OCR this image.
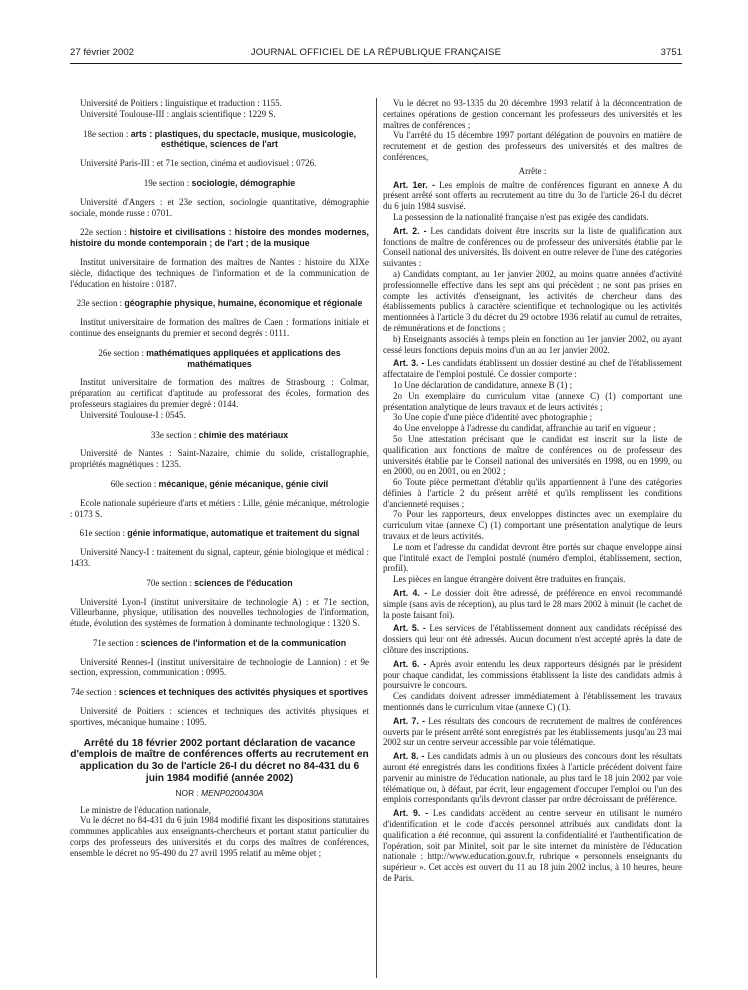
27 février 2002	JOURNAL OFFICIEL DE LA RÉPUBLIQUE FRANÇAISE	3751

Université de Poitiers : linguistique et traduction : 1155.

Université Toulouse-III : anglais scientifique : 1229 S.

18e section : arts : plastiques, du spectacle, musique, musicologie, esthétique, sciences de l'art

Université Paris-III : et 71e section, cinéma et audiovisuel : 0726.

19e section : sociologie, démographie

Université d'Angers : et 23e section, sociologie quantitative, démographie sociale, monde russe : 0701.

22e section : histoire et civilisations : histoire des mondes modernes, histoire du monde contemporain ; de l'art ; de la musique

Institut universitaire de formation des maîtres de Nantes : histoire du XIXe siècle, didactique des techniques de l'information et de la communication de l'éducation en histoire : 0187.

23e section : géographie physique, humaine, économique et régionale

Institut universitaire de formation des maîtres de Caen : formations initiale et continue des enseignants du premier et second degrés : 0111.

26e section : mathématiques appliquées et applications des mathématiques

Institut universitaire de formation des maîtres de Strasbourg : Colmar, préparation au certificat d'aptitude au professorat des écoles, formation des professeurs stagiaires du premier degré : 0144.

Université Toulouse-I : 0545.

33e section : chimie des matériaux

Université de Nantes : Saint-Nazaire, chimie du solide, cristallographie, propriétés magnétiques : 1235.

60e section : mécanique, génie mécanique, génie civil

Ecole nationale supérieure d'arts et métiers : Lille, génie mécanique, métrologie : 0173 S.

61e section : génie informatique, automatique et traitement du signal

Université Nancy-I : traitement du signal, capteur, génie biologique et médical : 1433.

70e section : sciences de l'éducation

Université Lyon-I (institut universitaire de technologie A) : et 71e section, Villeurbanne, physique, utilisation des nouvelles technologies de l'information, étude, évolution des systèmes de formation à dominante technologique : 1320 S.

71e section : sciences de l'information et de la communication

Université Rennes-I (institut universitaire de technologie de Lannion) : et 9e section, expression, communication : 0995.

74e section : sciences et techniques des activités physiques et sportives

Université de Poitiers : sciences et techniques des activités physiques et sportives, mécanique humaine : 1095.

Arrêté du 18 février 2002 portant déclaration de vacance d'emplois de maître de conférences offerts au recrutement en application du 3o de l'article 26-I du décret no 84-431 du 6 juin 1984 modifié (année 2002)
NOR : MENP0200430A

Le ministre de l'éducation nationale,

Vu le décret no 84-431 du 6 juin 1984 modifié fixant les dispositions statutaires communes applicables aux enseignants-chercheurs et portant statut particulier du corps des professeurs des universités et du corps des maîtres de conférences, ensemble le décret no 95-490 du 27 avril 1995 relatif au même objet ;

Vu le décret no 93-1335 du 20 décembre 1993 relatif à la déconcentration de certaines opérations de gestion concernant les professeurs des universités et les maîtres de conférences ;

Vu l'arrêté du 15 décembre 1997 portant délégation de pouvoirs en matière de recrutement et de gestion des professeurs des universités et des maîtres de conférences,

Arrête :

Art. 1er. - Les emplois de maître de conférences figurant en annexe A du présent arrêté sont offerts au recrutement au titre du 3o de l'article 26-I du décret du 6 juin 1984 susvisé.

La possession de la nationalité française n'est pas exigée des candidats.

Art. 2. - Les candidats doivent être inscrits sur la liste de qualification aux fonctions de maître de conférences ou de professeur des universités établie par le Conseil national des universités. Ils doivent en outre relever de l'une des catégories suivantes :

a) Candidats comptant, au 1er janvier 2002, au moins quatre années d'activité professionnelle effective dans les sept ans qui précèdent ; ne sont pas prises en compte les activités d'enseignant, les activités de chercheur dans des établissements publics à caractère scientifique et technologique ou les activités mentionnées à l'article 3 du décret du 29 octobre 1936 relatif au cumul de retraites, de rémunérations et de fonctions ;

b) Enseignants associés à temps plein en fonction au 1er janvier 2002, ou ayant cessé leurs fonctions depuis moins d'un an au 1er janvier 2002.

Art. 3. - Les candidats établissent un dossier destiné au chef de l'établissement affectataire de l'emploi postulé. Ce dossier comporte :

1o Une déclaration de candidature, annexe B (1) ;

2o Un exemplaire du curriculum vitae (annexe C) (1) comportant une présentation analytique de leurs travaux et de leurs activités ;

3o Une copie d'une pièce d'identité avec photographie ;

4o Une enveloppe à l'adresse du candidat, affranchie au tarif en vigueur ;

5o Une attestation précisant que le candidat est inscrit sur la liste de qualification aux fonctions de maître de conférences ou de professeur des universités établie par le Conseil national des universités en 1998, ou en 1999, ou en 2000, ou en 2001, ou en 2002 ;

6o Toute pièce permettant d'établir qu'ils appartiennent à l'une des catégories définies à l'article 2 du présent arrêté et qu'ils remplissent les conditions d'ancienneté requises ;

7o Pour les rapporteurs, deux enveloppes distinctes avec un exemplaire du curriculum vitae (annexe C) (1) comportant une présentation analytique de leurs travaux et de leurs activités.

Le nom et l'adresse du candidat devront être portés sur chaque enveloppe ainsi que l'intitulé exact de l'emploi postulé (numéro d'emploi, établissement, section, profil).

Les pièces en langue étrangère doivent être traduites en français.

Art. 4. - Le dossier doit être adressé, de préférence en envoi recommandé simple (sans avis de réception), au plus tard le 28 mars 2002 à minuit (le cachet de la poste faisant foi).

Art. 5. - Les services de l'établissement donnent aux candidats récépissé des dossiers qui leur ont été adressés. Aucun document n'est accepté après la date de clôture des inscriptions.

Art. 6. - Après avoir entendu les deux rapporteurs désignés par le président pour chaque candidat, les commissions établissent la liste des candidats admis à poursuivre le concours.

Ces candidats doivent adresser immédiatement à l'établissement les travaux mentionnés dans le curriculum vitae (annexe C) (1).

Art. 7. - Les résultats des concours de recrutement de maîtres de conférences ouverts par le présent arrêté sont enregistrés par les établissements jusqu'au 23 mai 2002 sur un centre serveur accessible par voie télématique.

Art. 8. - Les candidats admis à un ou plusieurs des concours dont les résultats auront été enregistrés dans les conditions fixées à l'article précédent doivent faire parvenir au ministre de l'éducation nationale, au plus tard le 18 juin 2002 par voie télématique ou, à défaut, par écrit, leur engagement d'occuper l'emploi ou l'un des emplois correspondants qu'ils devront classer par ordre décroissant de préférence.

Art. 9. - Les candidats accèdent au centre serveur en utilisant le numéro d'identification et le code d'accès personnel attribués aux candidats dont la qualification a été reconnue, qui assurent la confidentialité et l'authentification de l'opération, soit par Minitel, soit par le site internet du ministère de l'éducation nationale : http://www.education.gouv.fr, rubrique « personnels enseignants du supérieur ». Cet accès est ouvert du 11 au 18 juin 2002 inclus, à 10 heures, heure de Paris.
